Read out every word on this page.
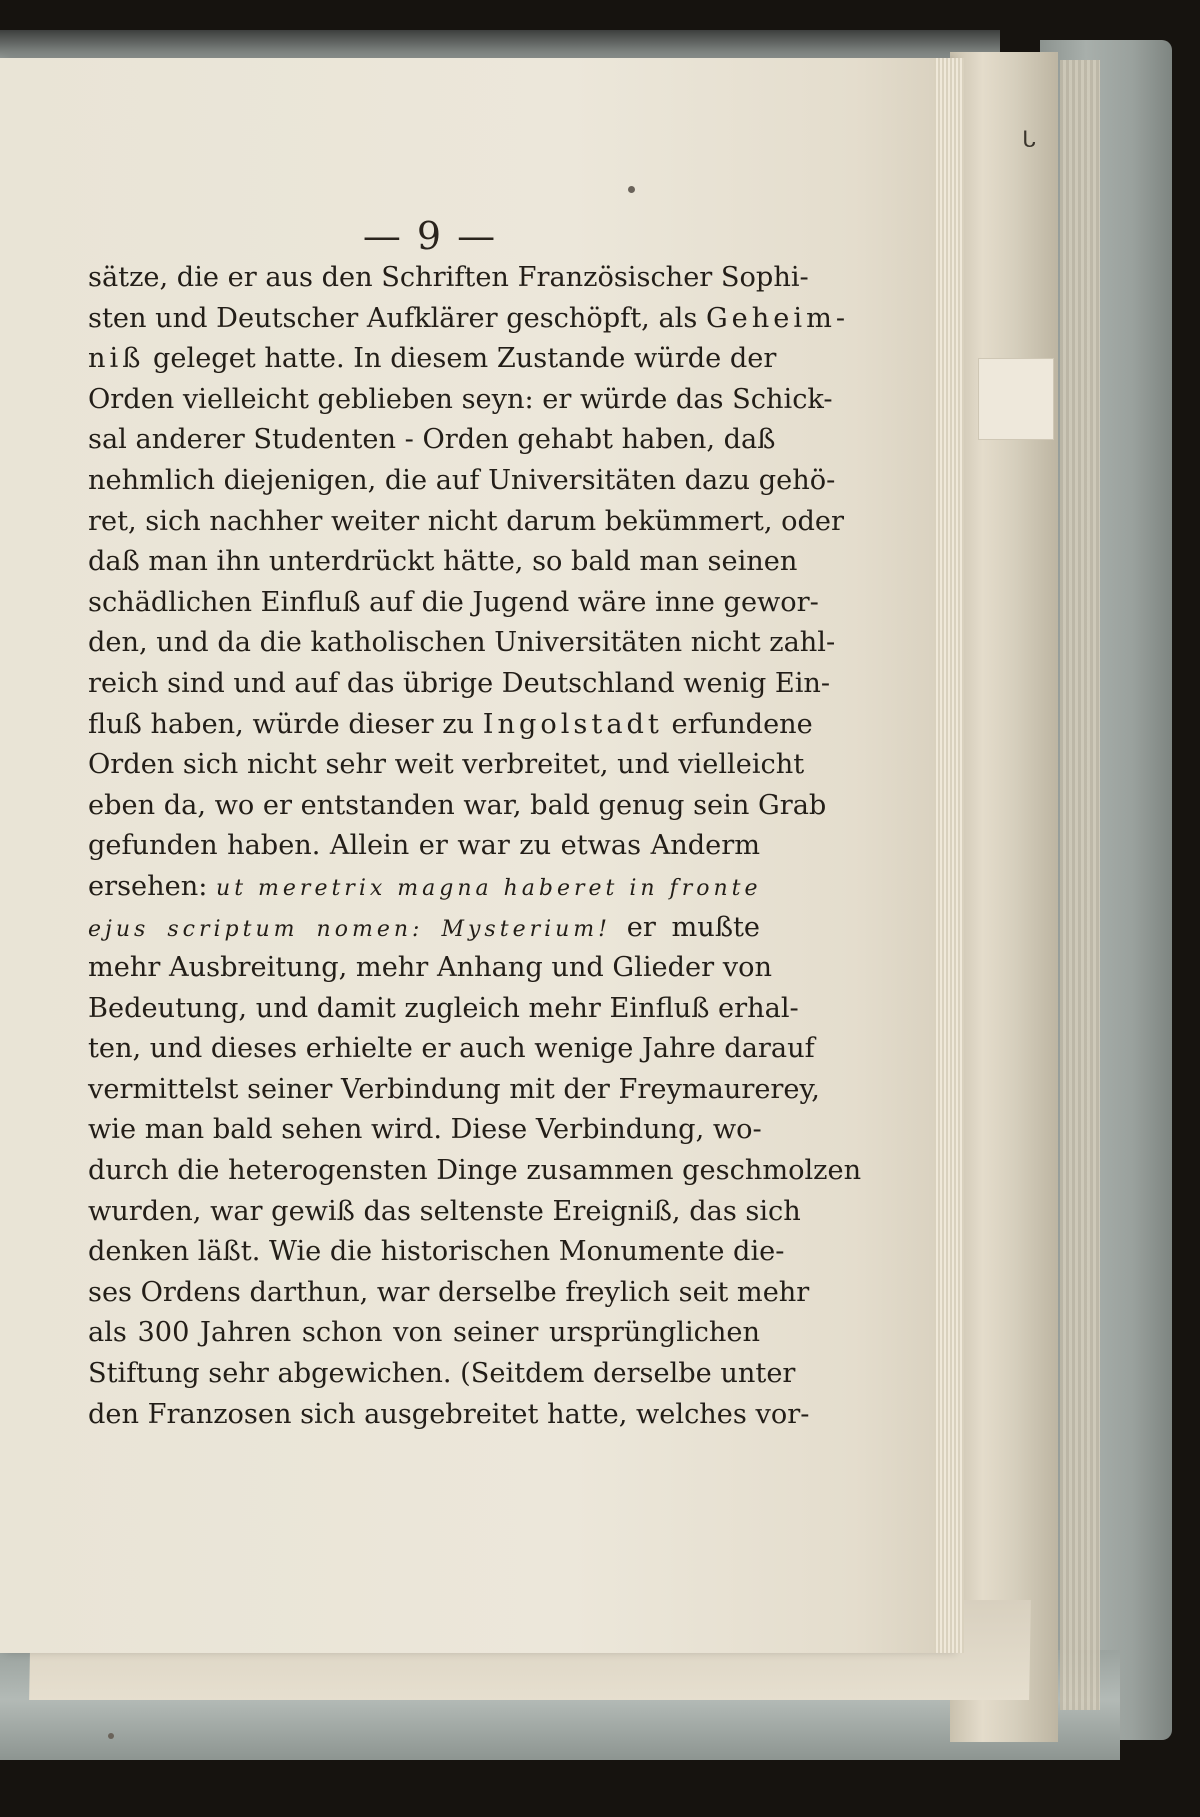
ᒐ
— 9 —
sätze, die er aus den Schriften Französischer Sophi-
sten und Deutscher Aufklärer geschöpft, als Geheim-
niß geleget hatte. In diesem Zustande würde der
Orden vielleicht geblieben seyn: er würde das Schick-
sal anderer Studenten - Orden gehabt haben, daß
nehmlich diejenigen, die auf Universitäten dazu gehö-
ret, sich nachher weiter nicht darum bekümmert, oder
daß man ihn unterdrückt hätte, so bald man seinen
schädlichen Einfluß auf die Jugend wäre inne gewor-
den, und da die katholischen Universitäten nicht zahl-
reich sind und auf das übrige Deutschland wenig Ein-
fluß haben, würde dieser zu Ingolstadt erfundene
Orden sich nicht sehr weit verbreitet, und vielleicht
eben da, wo er entstanden war, bald genug sein Grab
gefunden haben. Allein er war zu etwas Anderm
ersehen: ut meretrix magna haberet in fronte
ejus scriptum nomen: Mysterium! er mußte
mehr Ausbreitung, mehr Anhang und Glieder von
Bedeutung, und damit zugleich mehr Einfluß erhal-
ten, und dieses erhielte er auch wenige Jahre darauf
vermittelst seiner Verbindung mit der Freymaurerey,
wie man bald sehen wird. Diese Verbindung, wo-
durch die heterogensten Dinge zusammen geschmolzen
wurden, war gewiß das seltenste Ereigniß, das sich
denken läßt. Wie die historischen Monumente die-
ses Ordens darthun, war derselbe freylich seit mehr
als 300 Jahren schon von seiner ursprünglichen
Stiftung sehr abgewichen. (Seitdem derselbe unter
den Franzosen sich ausgebreitet hatte, welches vor-
